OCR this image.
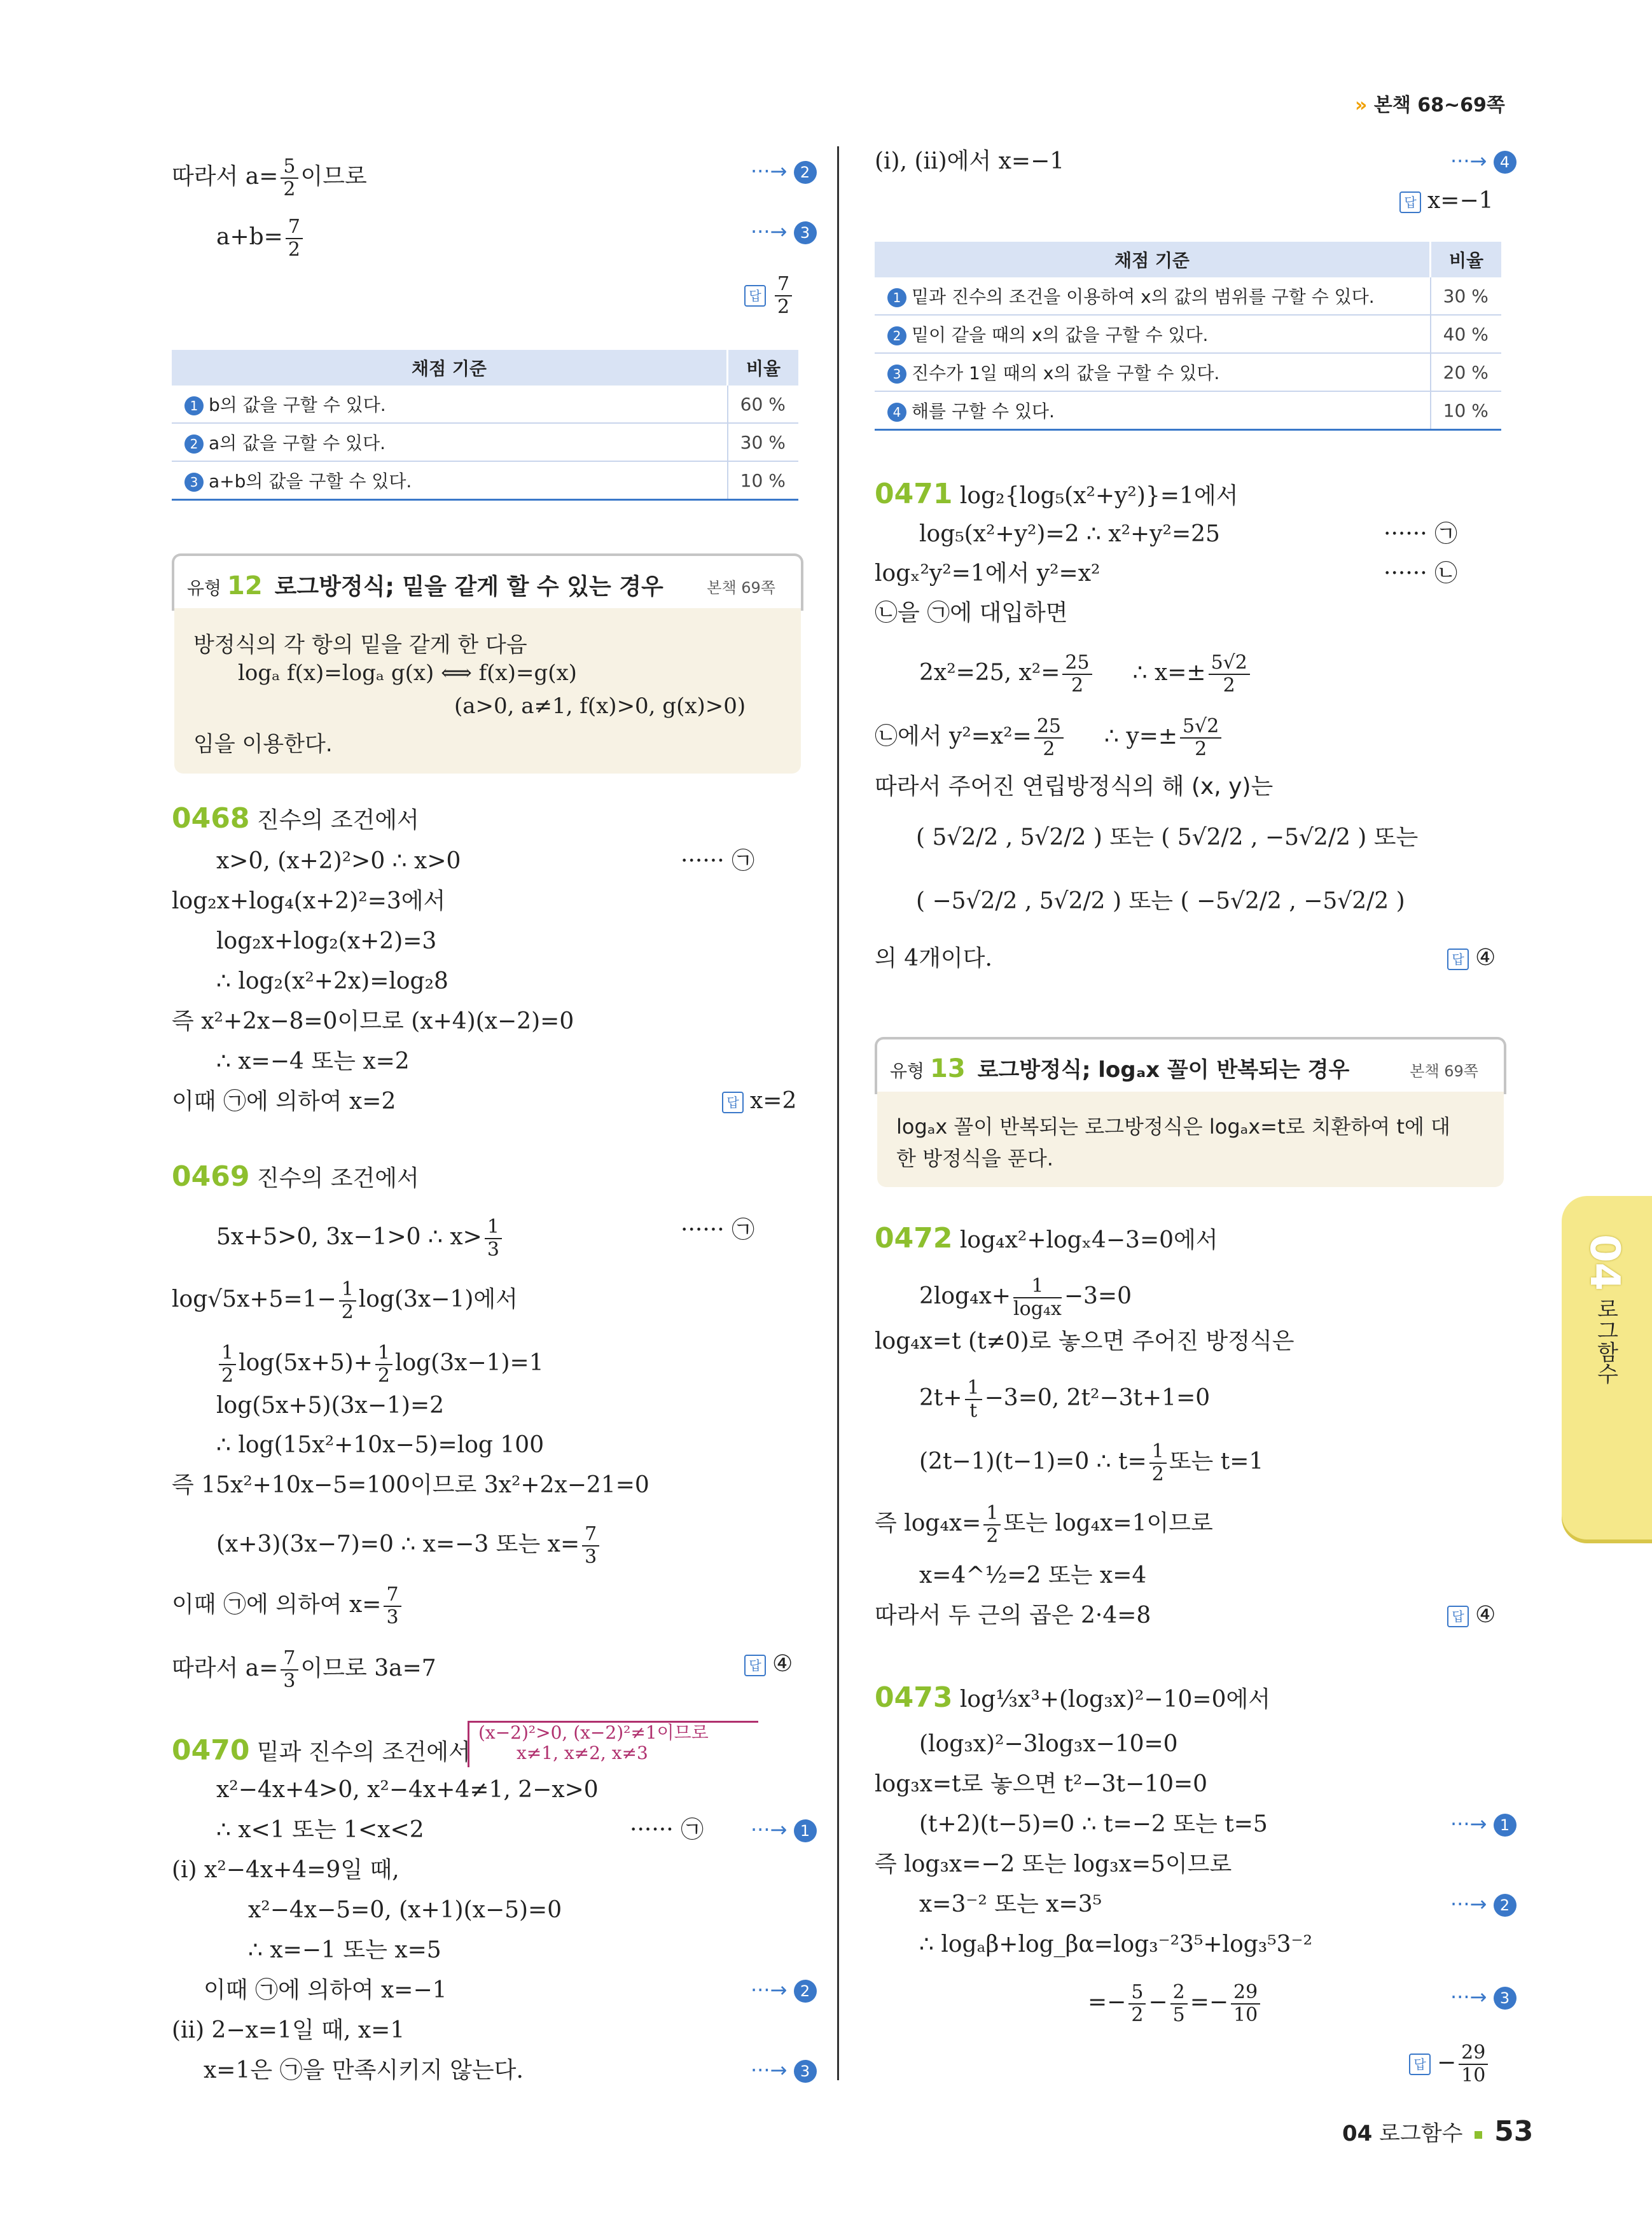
» 본책 68~69쪽
따라서 $a= \frac{5}{2}$ 이므로	···→ 2
$a+b= \frac{7}{2}$	···→ 3
답 $\frac{7}{2}$
채점 기준	비율
1 b의 값을 구할 수 있다.	60 %
2 a의 값을 구할 수 있다.	30 %
3 a+b의 값을 구할 수 있다.	10 %
유형 12 로그방정식; 밑을 같게 할 수 있는 경우	본책 69쪽
방정식의 각 항의 밑을 같게 한 다음
logₐ f(x)=logₐ g(x) ⟺ f(x)=g(x)
(a>0, a≠1, f(x)>0, g(x)>0)
임을 이용한다.
0468 진수의 조건에서
x>0, (x+2)²>0 ∴ x>0	······ ㉠
log₂x+log₄(x+2)²=3에서
log₂x+log₂(x+2)=3
∴ log₂(x²+2x)=log₂8
즉 x²+2x−8=0이므로 (x+4)(x−2)=0
∴ x=−4 또는 x=2
이때 ㉠에 의하여 x=2	답 x=2
0469 진수의 조건에서
5x+5>0, 3x−1>0 ∴ $x> \frac{1}{3}$	······ ㉠
$\log√5x+5=1- \frac{1}{2} \log(3x-1)$에서
$\frac{1}{2} \log(5x+5)+ \frac{1}{2} \log(3x-1)=1$
log(5x+5)(3x−1)=2
∴ log(15x²+10x−5)=log 100
즉 15x²+10x−5=100이므로 3x²+2x−21=0
(x+3)(3x−7)=0 ∴ x=−3 또는 $x= \frac{7}{3}$
이때 ㉠에 의하여 $x= \frac{7}{3}$
따라서 $a= \frac{7}{3}$ 이므로 3a=7	답 ④
0470 밑과 진수의 조건에서
(x−2)²>0, (x−2)²≠1이므로
x≠1, x≠2, x≠3
x²−4x+4>0, x²−4x+4≠1, 2−x>0
∴ x<1 또는 1<x<2	······ ㉠ ···→ 1
(ⅰ) x²−4x+4=9일 때,
x²−4x−5=0, (x+1)(x−5)=0
∴ x=−1 또는 x=5
이때 ㉠에 의하여 x=−1	···→ 2
(ⅱ) 2−x=1일 때, x=1
x=1은 ㉠을 만족시키지 않는다.	···→ 3
(ⅰ), (ⅱ)에서 x=−1	···→ 4
답 x=−1
채점 기준	비율
1 밑과 진수의 조건을 이용하여 x의 값의 범위를 구할 수 있다.	30 %
2 밑이 같을 때의 x의 값을 구할 수 있다.	40 %
3 진수가 1일 때의 x의 값을 구할 수 있다.	20 %
4 해를 구할 수 있다.	10 %
0471 log₂{log₅(x²+y²)}=1에서
log₅(x²+y²)=2 ∴ x²+y²=25	······ ㉠
logₓ²y²=1에서 y²=x²	······ ㉡
㉡을 ㉠에 대입하면
2x²=25, $x^2= \frac{25}{2}$ ∴ $x=\pm \frac{5√2}{2}$
㉡에서 $y^2=x^2= \frac{25}{2}$ ∴ $y=\pm \frac{5√2}{2}$
따라서 주어진 연립방정식의 해 (x, y)는
( 5√2/2 , 5√2/2 ) 또는 ( 5√2/2 , −5√2/2 ) 또는
( −5√2/2 , 5√2/2 ) 또는 ( −5√2/2 , −5√2/2 )
의 4개이다.	답 ④
유형 13 로그방정식; logₐx 꼴이 반복되는 경우	본책 69쪽
logₐx 꼴이 반복되는 로그방정식은 logₐx=t로 치환하여 t에 대
한 방정식을 푼다.
0472 log₄x²+logₓ4−3=0에서
$2\log_4x+ \frac{1}{\text{log₄x}} -3=0$
log₄x=t (t≠0)로 놓으면 주어진 방정식은
$2t+ \frac{1}{t} -3=0$, 2t²−3t+1=0
(2t−1)(t−1)=0 ∴ $t= \frac{1}{2}$ 또는 t=1
즉 $\log_4x= \frac{1}{2}$ 또는 log₄x=1이므로
x=4^½=2 또는 x=4
따라서 두 근의 곱은 2·4=8	답 ④
0473 log⅓x³+(log₃x)²−10=0에서
(log₃x)²−3log₃x−10=0
log₃x=t로 놓으면 t²−3t−10=0
(t+2)(t−5)=0 ∴ t=−2 또는 t=5	···→ 1
즉 log₃x=−2 또는 log₃x=5이므로
x=3⁻² 또는 x=3⁵	···→ 2
∴ logₐβ+log_βα=log₃⁻²3⁵+log₃⁵3⁻²
=− $\frac{5}{2} - \frac{2}{5} =- \frac{29}{10}$	···→ 3
답 − $\frac{29}{10}$
04
로그함수
04 로그함수 53
